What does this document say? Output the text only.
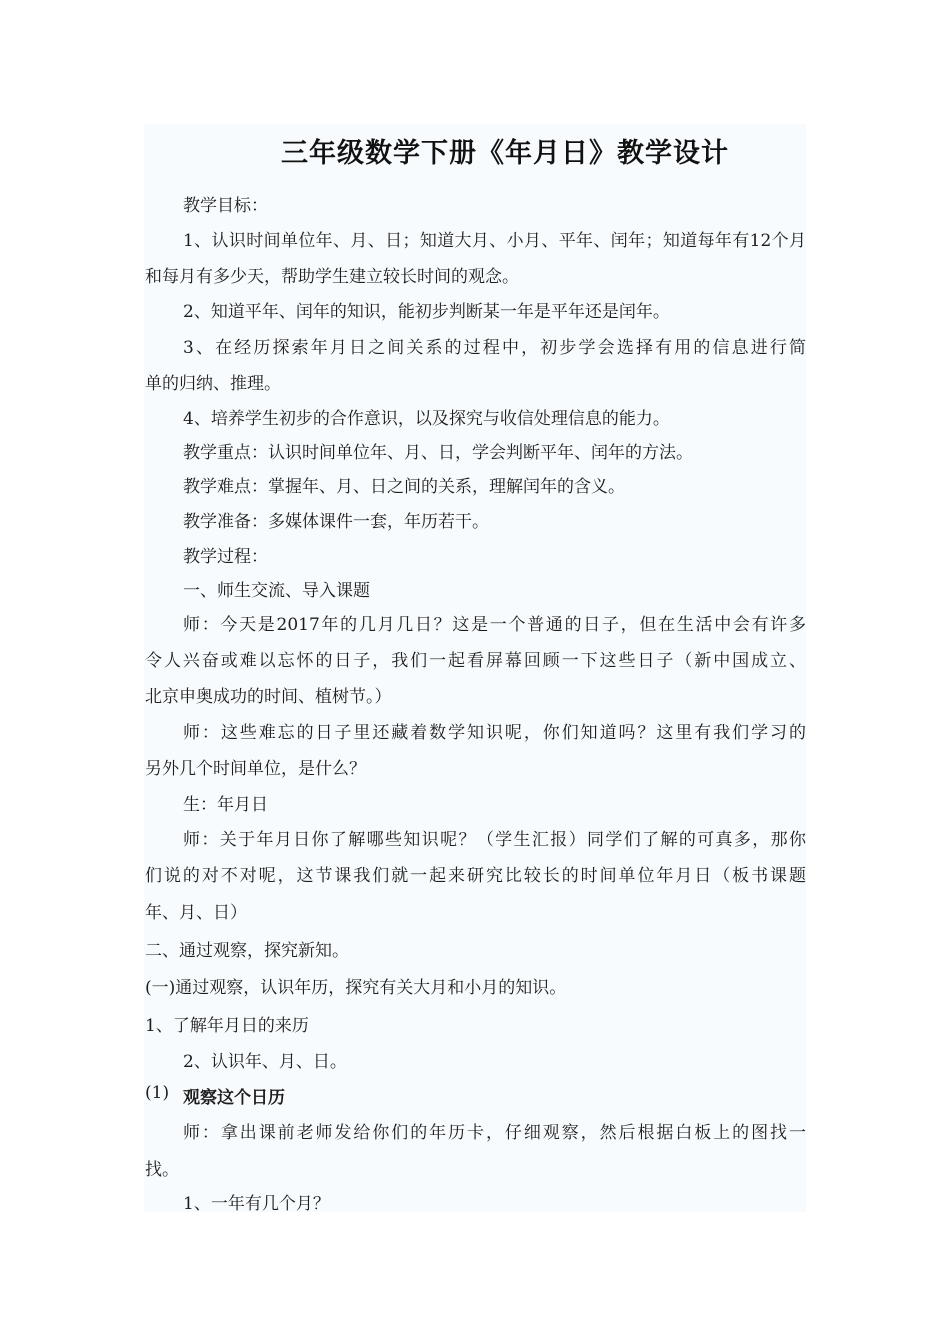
三年级数学下册《年月日》教学设计
教学目标：
1、认识时间单位年、月、日；知道大月、小月、平年、闰年；知道每年有12个月
和每月有多少天，帮助学生建立较长时间的观念。
2、知道平年、闰年的知识，能初步判断某一年是平年还是闰年。
3、在经历探索年月日之间关系的过程中，初步学会选择有用的信息进行简
单的归纳、推理。
4、培养学生初步的合作意识，以及探究与收信处理信息的能力。
教学重点：认识时间单位年、月、日，学会判断平年、闰年的方法。
教学难点：掌握年、月、日之间的关系，理解闰年的含义。
教学准备：多媒体课件一套，年历若干。
教学过程：
一、师生交流、导入课题
师：今天是2017年的几月几日？这是一个普通的日子，但在生活中会有许多
令人兴奋或难以忘怀的日子，我们一起看屏幕回顾一下这些日子（新中国成立、
北京申奥成功的时间、植树节。）
师：这些难忘的日子里还藏着数学知识呢，你们知道吗？这里有我们学习的
另外几个时间单位，是什么？
生：年月日
师：关于年月日你了解哪些知识呢？（学生汇报）同学们了解的可真多，那你
们说的对不对呢，这节课我们就一起来研究比较长的时间单位年月日（板书课题
年、月、日）
二、通过观察，探究新知。
(一)通过观察，认识年历，探究有关大月和小月的知识。
1、了解年月日的来历
2、认识年、月、日。
(1) 观察这个日历
师：拿出课前老师发给你们的年历卡，仔细观察，然后根据白板上的图找一
找。
1、一年有几个月？
